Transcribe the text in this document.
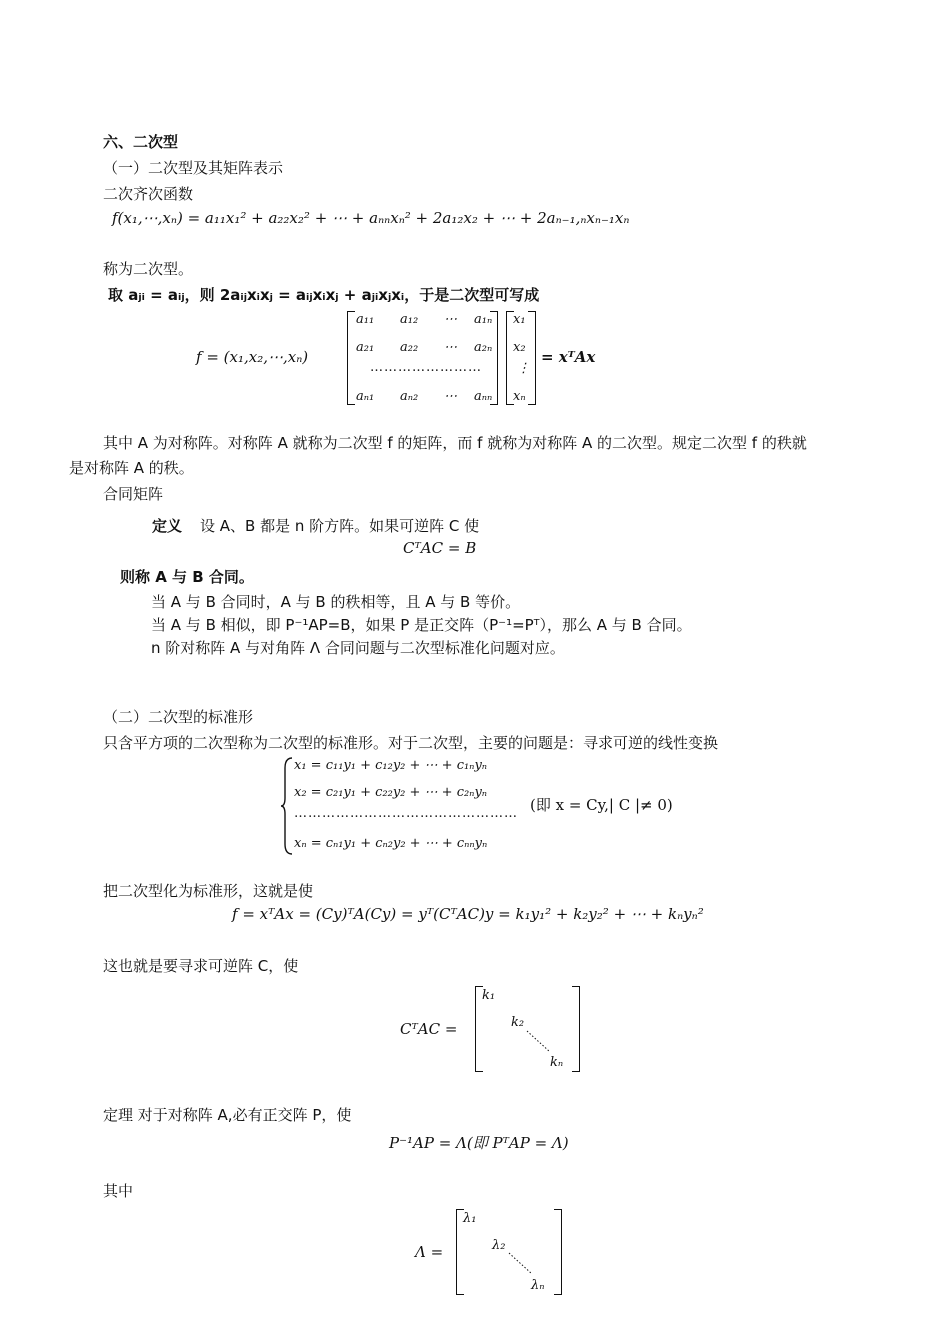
六、二次型
（一）二次型及其矩阵表示
二次齐次函数
f(x₁,⋯,xₙ) = a₁₁x₁² + a₂₂x₂² + ⋯ + aₙₙxₙ² + 2a₁₂x₂ + ⋯ + 2aₙ₋₁,ₙxₙ₋₁xₙ
称为二次型。
取 aⱼᵢ = aᵢⱼ，则 2aᵢⱼxᵢxⱼ = aᵢⱼxᵢxⱼ + aⱼᵢxⱼxᵢ，于是二次型可写成
f = (x₁,x₂,⋯,xₙ)
a₁₁ a₁₂ ⋯ a₁ₙ
a₂₁ a₂₂ ⋯ a₂ₙ
……………………
aₙ₁ aₙ₂ ⋯ aₙₙ
x₁
x₂
⋮
xₙ
= xᵀAx
其中 A 为对称阵。对称阵 A 就称为二次型 f 的矩阵，而 f 就称为对称阵 A 的二次型。规定二次型 f 的秩就
是对称阵 A 的秩。
合同矩阵
定义 设 A、B 都是 n 阶方阵。如果可逆阵 C 使
CᵀAC = B
则称 A 与 B 合同。
当 A 与 B 合同时，A 与 B 的秩相等，且 A 与 B 等价。
当 A 与 B 相似，即 P⁻¹AP=B，如果 P 是正交阵（P⁻¹=Pᵀ），那么 A 与 B 合同。
n 阶对称阵 A 与对角阵 Λ 合同问题与二次型标准化问题对应。
（二）二次型的标准形
只含平方项的二次型称为二次型的标准形。对于二次型，主要的问题是：寻求可逆的线性变换
x₁ = c₁₁y₁ + c₁₂y₂ + ⋯ + c₁ₙyₙ
x₂ = c₂₁y₁ + c₂₂y₂ + ⋯ + c₂ₙyₙ
…………………………………………
xₙ = cₙ₁y₁ + cₙ₂y₂ + ⋯ + cₙₙyₙ
(即 x = Cy,| C |≠ 0)
把二次型化为标准形，这就是使
f = xᵀAx = (Cy)ᵀA(Cy) = yᵀ(CᵀAC)y = k₁y₁² + k₂y₂² + ⋯ + kₙyₙ²
这也就是要寻求可逆阵 C，使
CᵀAC =
k₁
k₂
kₙ
定理 对于对称阵 A,必有正交阵 P，使
P⁻¹AP = Λ(即 PᵀAP = Λ)
其中
Λ =
λ₁
λ₂
λₙ
